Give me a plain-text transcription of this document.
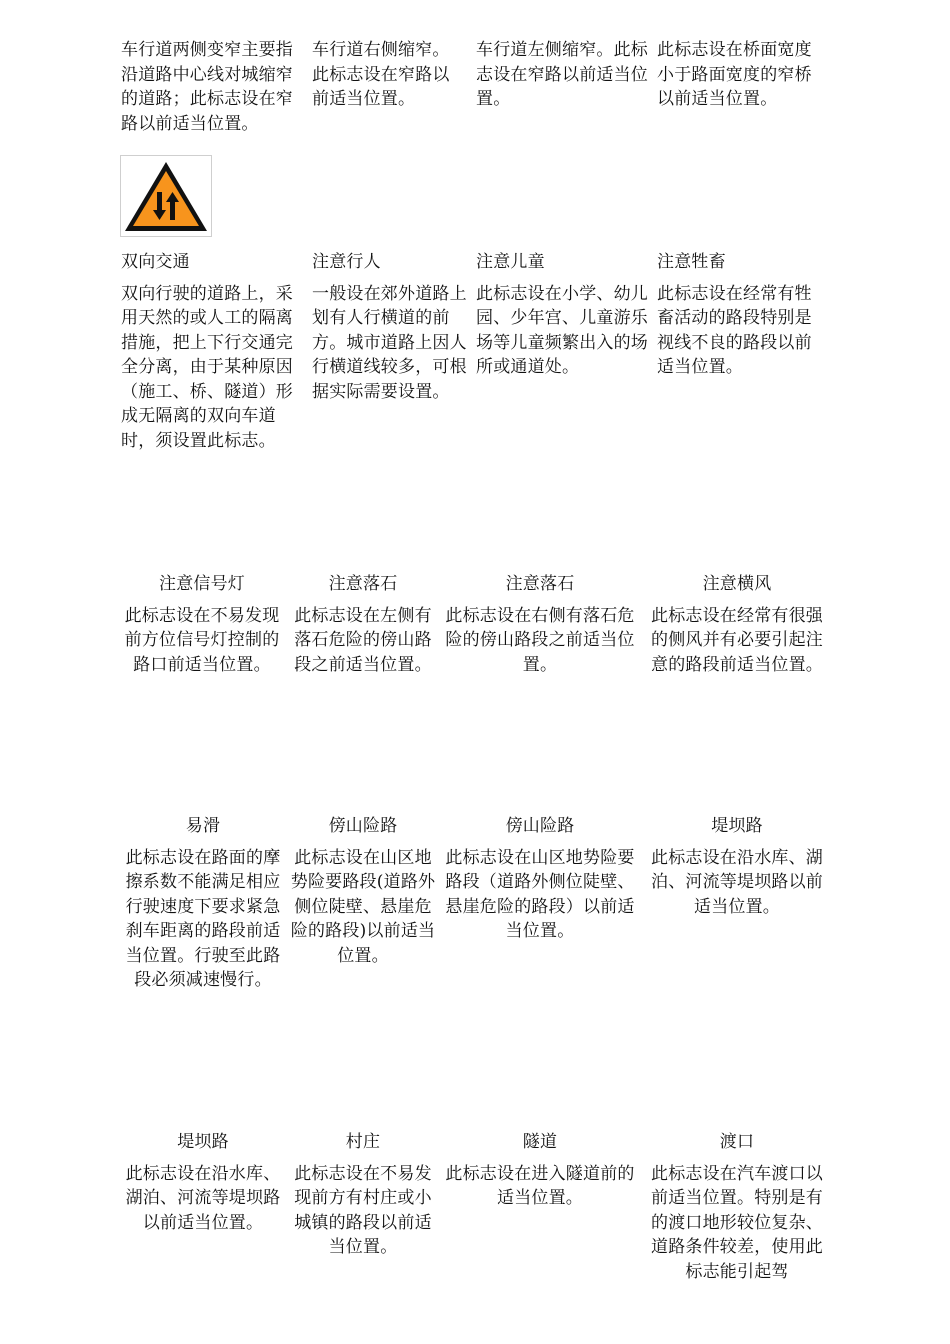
车行道两侧变窄主要指沿道路中心线对城缩窄的道路；此标志设在窄路以前适当位置。
车行道右侧缩窄。此标志设在窄路以前适当位置。
车行道左侧缩窄。此标志设在窄路以前适当位置。
此标志设在桥面宽度小于路面宽度的窄桥以前适当位置。
双向交通
双向行驶的道路上，采用天然的或人工的隔离措施，把上下行交通完全分离，由于某种原因（施工、桥、隧道）形成无隔离的双向车道时，须设置此标志。
注意行人
一般设在郊外道路上划有人行横道的前方。城市道路上因人行横道线较多，可根据实际需要设置。
注意儿童
此标志设在小学、幼儿园、少年宫、儿童游乐场等儿童频繁出入的场所或通道处。
注意牲畜
此标志设在经常有牲畜活动的路段特别是视线不良的路段以前适当位置。
注意信号灯
此标志设在不易发现前方位信号灯控制的路口前适当位置。
注意落石
此标志设在左侧有落石危险的傍山路段之前适当位置。
注意落石
此标志设在右侧有落石危险的傍山路段之前适当位置。
注意横风
此标志设在经常有很强的侧风并有必要引起注意的路段前适当位置。
易滑
此标志设在路面的摩擦系数不能满足相应行驶速度下要求紧急刹车距离的路段前适当位置。行驶至此路段必须减速慢行。
傍山险路
此标志设在山区地势险要路段(道路外侧位陡壁、悬崖危险的路段)以前适当位置。
傍山险路
此标志设在山区地势险要路段（道路外侧位陡壁、悬崖危险的路段）以前适当位置。
堤坝路
此标志设在沿水库、湖泊、河流等堤坝路以前适当位置。
堤坝路
此标志设在沿水库、湖泊、河流等堤坝路以前适当位置。
村庄
此标志设在不易发现前方有村庄或小城镇的路段以前适当位置。
隧道
此标志设在进入隧道前的适当位置。
渡口
此标志设在汽车渡口以前适当位置。特别是有的渡口地形较位复杂、道路条件较差，使用此标志能引起驾
